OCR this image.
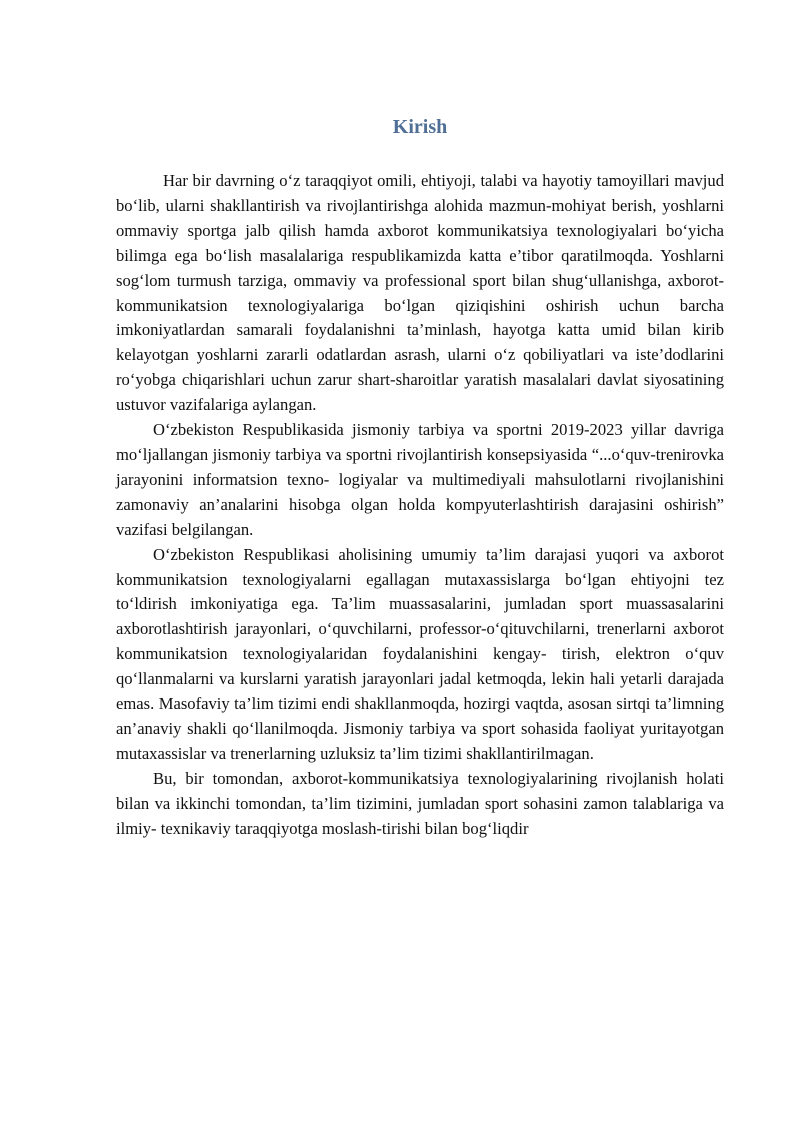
Kirish

Har bir davrning o‘z taraqqiyot omili, ehtiyoji, talabi va hayotiy tamoyillari mavjud bo‘lib, ularni shakllantirish va rivojlantirishga alohida mazmun-mohiyat berish, yoshlarni ommaviy sportga jalb qilish hamda axborot kommunikatsiya texnologiyalari bo‘yicha bilimga ega bo‘lish masalalariga respublikamizda katta e’tibor qaratilmoqda. Yoshlarni sog‘lom turmush tarziga, ommaviy va professional sport bilan shug‘ullanishga, axborot-kommunikatsion texnologiyalariga bo‘lgan qiziqishini oshirish uchun barcha imkoniyatlardan samarali foydalanishni ta’minlash, hayotga katta umid bilan kirib kelayotgan yoshlarni zararli odatlardan asrash, ularni o‘z qobiliyatlari va iste’dodlarini ro‘yobga chiqarishlari uchun zarur shart-sharoitlar yaratish masalalari davlat siyosatining ustuvor vazifalariga aylangan.

O‘zbekiston Respublikasida jismoniy tarbiya va sportni 2019-2023 yillar davriga mo‘ljallangan jismoniy tarbiya va sportni rivojlantirish konsepsiyasida “...o‘quv-trenirovka jarayonini informatsion texno- logiyalar va multimediyali mahsulotlarni rivojlanishini zamonaviy an’analarini hisobga olgan holda kompyuterlashtirish darajasini oshirish” vazifasi belgilangan.

O‘zbekiston Respublikasi aholisining umumiy ta’lim darajasi yuqori va axborot kommunikatsion texnologiyalarni egallagan mutaxassislarga bo‘lgan ehtiyojni tez to‘ldirish imkoniyatiga ega. Ta’lim muassasalarini, jumladan sport muassasalarini axborotlashtirish jarayonlari, o‘quvchilarni, professor-o‘qituvchilarni, trenerlarni axborot kommunikatsion texnologiyalaridan foydalanishini kengay- tirish, elektron o‘quv qo‘llanmalarni va kurslarni yaratish jarayonlari jadal ketmoqda, lekin hali yetarli darajada emas. Masofaviy ta’lim tizimi endi shakllanmoqda, hozirgi vaqtda, asosan sirtqi ta’limning an’anaviy shakli qo‘llanilmoqda. Jismoniy tarbiya va sport sohasida faoliyat yuritayotgan mutaxassislar va trenerlarning uzluksiz ta’lim tizimi shakllantirilmagan.

Bu, bir tomondan, axborot-kommunikatsiya texnologiyalarining rivojlanish holati bilan va ikkinchi tomondan, ta’lim tizimini, jumladan sport sohasini zamon talablariga va ilmiy- texnikaviy taraqqiyotga moslash-tirishi bilan bog‘liqdir
